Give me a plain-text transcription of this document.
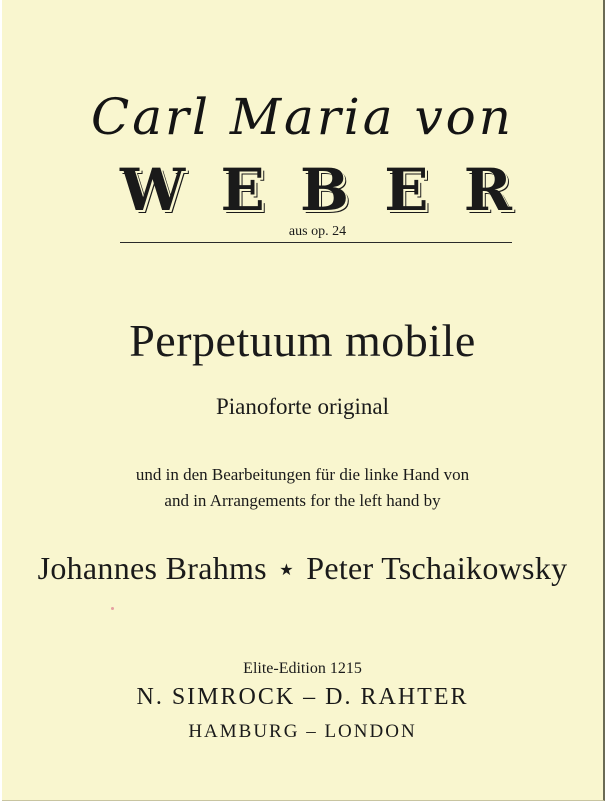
Carl Maria von
W E B E R
aus op. 24
Perpetuum mobile
Pianoforte original
und in den Bearbeitungen für die linke Hand von
and in Arrangements for the left hand by
Johannes Brahms ★ Peter Tschaikowsky
Elite-Edition 1215
N. SIMROCK – D. RAHTER
HAMBURG – LONDON
